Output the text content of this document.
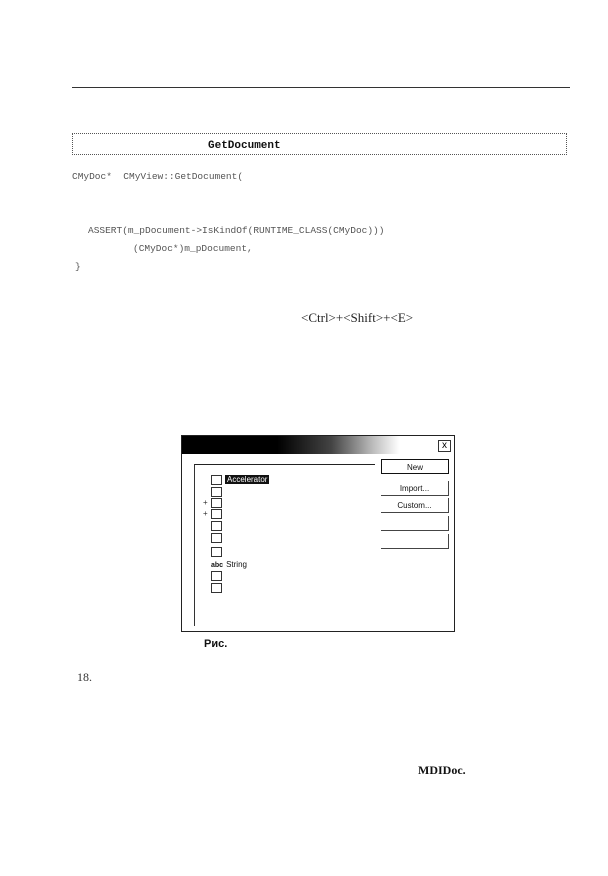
GetDocument
CMyDoc*  CMyView::GetDocument(
ASSERT(m_pDocument->IsKindOf(RUNTIME_CLASS(CMyDoc)))
(CMyDoc*)m_pDocument,
}
<Ctrl>+<Shift>+<E>
x
Accelerator
+
+
abc String
New
Import...
Custom...
Рис.
18.
MDIDoc.
